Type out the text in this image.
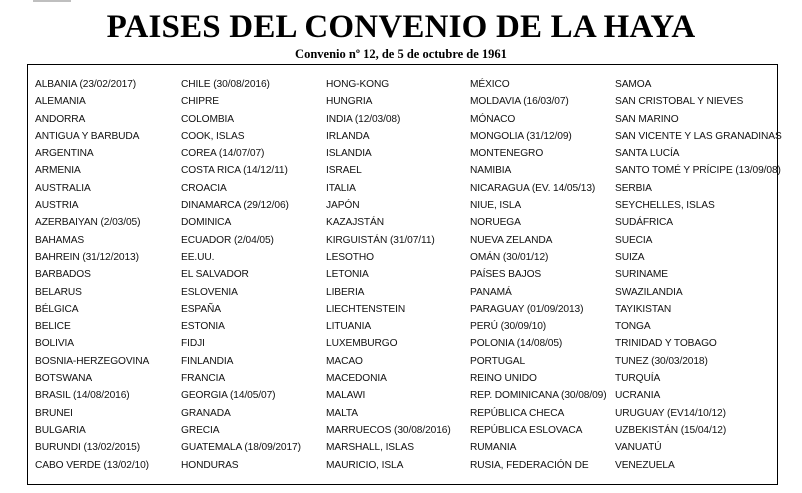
PAISES DEL CONVENIO DE LA HAYA
Convenio nº 12, de 5 de octubre de 1961
ALBANIA (23/02/2017)
ALEMANIA
ANDORRA
ANTIGUA Y BARBUDA
ARGENTINA
ARMENIA
AUSTRALIA
AUSTRIA
AZERBAIYAN (2/03/05)
BAHAMAS
BAHREIN (31/12/2013)
BARBADOS
BELARUS
BÉLGICA
BELICE
BOLIVIA
BOSNIA-HERZEGOVINA
BOTSWANA
BRASIL (14/08/2016)
BRUNEI
BULGARIA
BURUNDI (13/02/2015)
CABO VERDE (13/02/10)
CHILE (30/08/2016)
CHIPRE
COLOMBIA
COOK, ISLAS
COREA (14/07/07)
COSTA RICA (14/12/11)
CROACIA
DINAMARCA (29/12/06)
DOMINICA
ECUADOR (2/04/05)
EE.UU.
EL SALVADOR
ESLOVENIA
ESPAÑA
ESTONIA
FIDJI
FINLANDIA
FRANCIA
GEORGIA (14/05/07)
GRANADA
GRECIA
GUATEMALA (18/09/2017)
HONDURAS
HONG-KONG
HUNGRIA
INDIA (12/03/08)
IRLANDA
ISLANDIA
ISRAEL
ITALIA
JAPÓN
KAZAJSTÁN
KIRGUISTÁN (31/07/11)
LESOTHO
LETONIA
LIBERIA
LIECHTENSTEIN
LITUANIA
LUXEMBURGO
MACAO
MACEDONIA
MALAWI
MALTA
MARRUECOS (30/08/2016)
MARSHALL, ISLAS
MAURICIO, ISLA
MÉXICO
MOLDAVIA (16/03/07)
MÓNACO
MONGOLIA (31/12/09)
MONTENEGRO
NAMIBIA
NICARAGUA (EV. 14/05/13)
NIUE, ISLA
NORUEGA
NUEVA ZELANDA
OMÁN (30/01/12)
PAÍSES BAJOS
PANAMÁ
PARAGUAY (01/09/2013)
PERÚ (30/09/10)
POLONIA (14/08/05)
PORTUGAL
REINO UNIDO
REP. DOMINICANA (30/08/09)
REPÚBLICA CHECA
REPÚBLICA ESLOVACA
RUMANIA
RUSIA, FEDERACIÓN DE
SAMOA
SAN CRISTOBAL Y NIEVES
SAN MARINO
SAN VICENTE Y LAS GRANADINAS
SANTA LUCÍA
SANTO TOMÉ Y PRÍCIPE (13/09/08)
SERBIA
SEYCHELLES, ISLAS
SUDÁFRICA
SUECIA
SUIZA
SURINAME
SWAZILANDIA
TAYIKISTAN
TONGA
TRINIDAD Y TOBAGO
TUNEZ (30/03/2018)
TURQUÍA
UCRANIA
URUGUAY (EV14/10/12)
UZBEKISTÁN (15/04/12)
VANUATÚ
VENEZUELA
